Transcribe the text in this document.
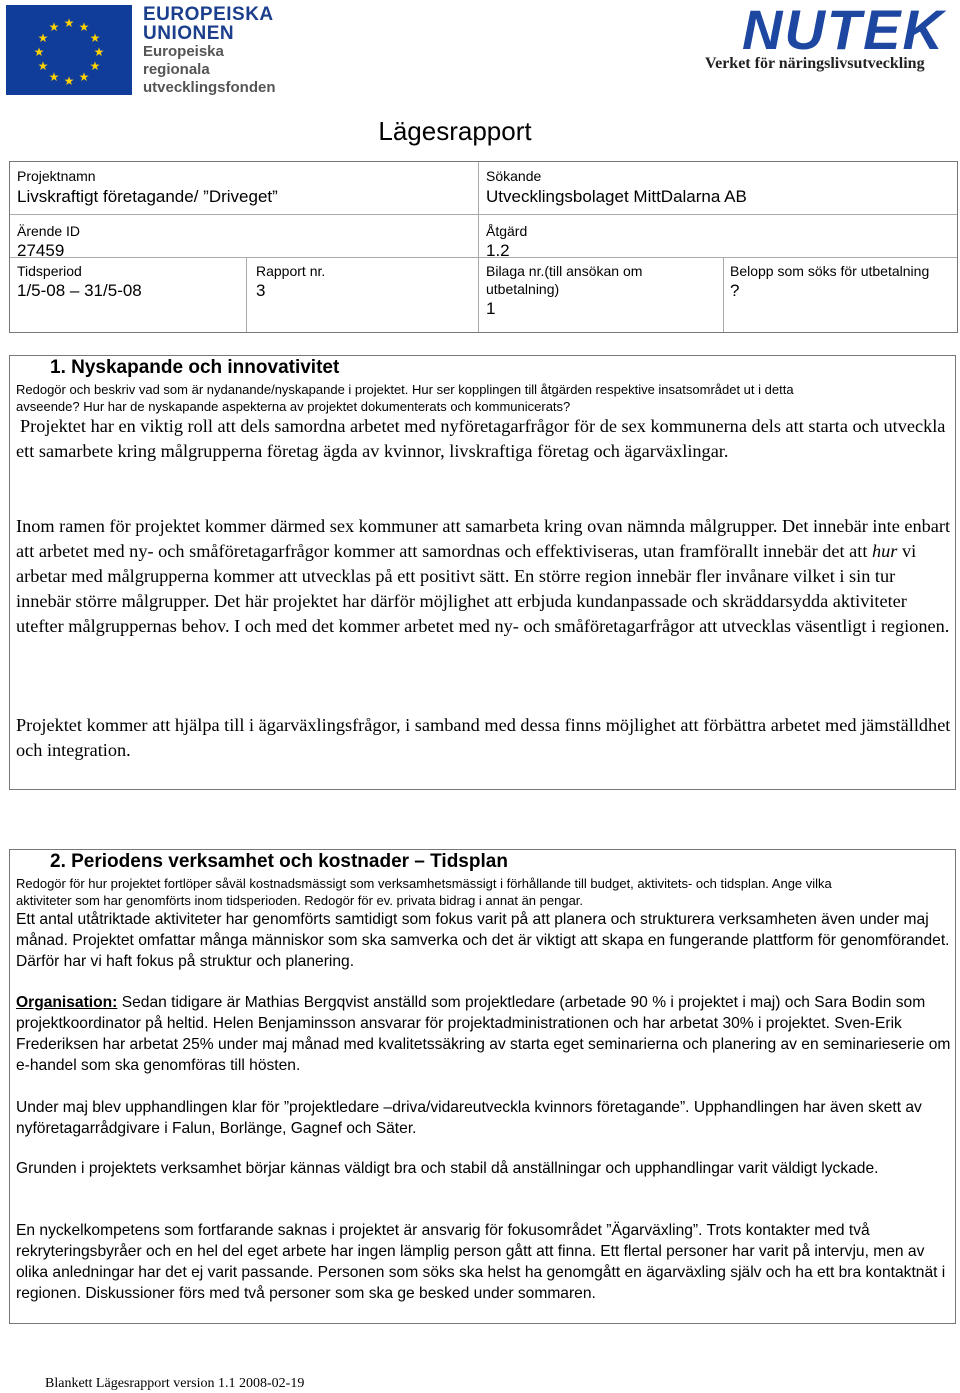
★ ★
★
★
★
★
★
★
★
★
★
★
EUROPEISKA
UNIONEN
Europeiska
regionala
utvecklingsfonden
NUTEK
Verket för näringslivsutveckling
Lägesrapport
Projektnamn
Livskraftigt företagande/ ”Driveget”
Sökande
Utvecklingsbolaget MittDalarna AB
Ärende ID
27459
Åtgärd
1.2
Tidsperiod
1/5-08 – 31/5-08
Rapport nr.
3
Bilaga nr.(till ansökan om
utbetalning)
1
Belopp som söks för utbetalning
?
1. Nyskapande och innovativitet
Redogör och beskriv vad som är nydanande/nyskapande i projektet. Hur ser kopplingen till åtgärden respektive insatsområdet ut i detta
avseende? Hur har de nyskapande aspekterna av projektet dokumenterats och kommunicerats?
Projektet har en viktig roll att dels samordna arbetet med nyföretagarfrågor för de sex kommunerna dels att starta och utveckla ett samarbete kring målgrupperna företag ägda av kvinnor, livskraftiga företag och ägarväxlingar.
Inom ramen för projektet kommer därmed sex kommuner att samarbeta kring ovan nämnda målgrupper. Det innebär inte enbart att arbetet med ny- och småföretagarfrågor kommer att samordnas och effektiviseras, utan framförallt innebär det att hur vi arbetar med målgrupperna kommer att utvecklas på ett positivt sätt. En större region innebär fler invånare vilket i sin tur innebär större målgrupper. Det här projektet har därför möjlighet att erbjuda kundanpassade och skräddarsydda aktiviteter utefter målgruppernas behov. I och med det kommer arbetet med ny- och småföretagarfrågor att utvecklas väsentligt i regionen.
Projektet kommer att hjälpa till i ägarväxlingsfrågor, i samband med dessa finns möjlighet att förbättra arbetet med jämställdhet och integration.
2. Periodens verksamhet och kostnader – Tidsplan
Redogör för hur projektet fortlöper såväl kostnadsmässigt som verksamhetsmässigt i förhållande till budget, aktivitets- och tidsplan. Ange vilka
aktiviteter som har genomförts inom tidsperioden. Redogör för ev. privata bidrag i annat än pengar.
Ett antal utåtriktade aktiviteter har genomförts samtidigt som fokus varit på att planera och strukturera verksamheten även under maj månad. Projektet omfattar många människor som ska samverka och det är viktigt att skapa en fungerande plattform för genomförandet. Därför har vi haft fokus på struktur och planering.
Organisation: Sedan tidigare är Mathias Bergqvist anställd som projektledare (arbetade 90 % i projektet i maj) och Sara Bodin som projektkoordinator på heltid. Helen Benjaminsson ansvarar för projektadministrationen och har arbetat 30% i projektet. Sven-Erik Frederiksen har arbetat 25% under maj månad med kvalitetssäkring av starta eget seminarierna och planering av en seminarieserie om e-handel som ska genomföras till hösten.
Under maj blev upphandlingen klar för ”projektledare –driva/vidareutveckla kvinnors företagande”. Upphandlingen har även skett av nyföretagarrådgivare i Falun, Borlänge, Gagnef och Säter.
Grunden i projektets verksamhet börjar kännas väldigt bra och stabil då anställningar och upphandlingar varit väldigt lyckade.
En nyckelkompetens som fortfarande saknas i projektet är ansvarig för fokusområdet ”Ägarväxling”. Trots kontakter med två rekryteringsbyråer och en hel del eget arbete har ingen lämplig person gått att finna. Ett flertal personer har varit på intervju, men av olika anledningar har det ej varit passande. Personen som söks ska helst ha genomgått en ägarväxling själv och ha ett bra kontaktnät i regionen. Diskussioner förs med två personer som ska ge besked under sommaren.
Blankett Lägesrapport version 1.1 2008-02-19
